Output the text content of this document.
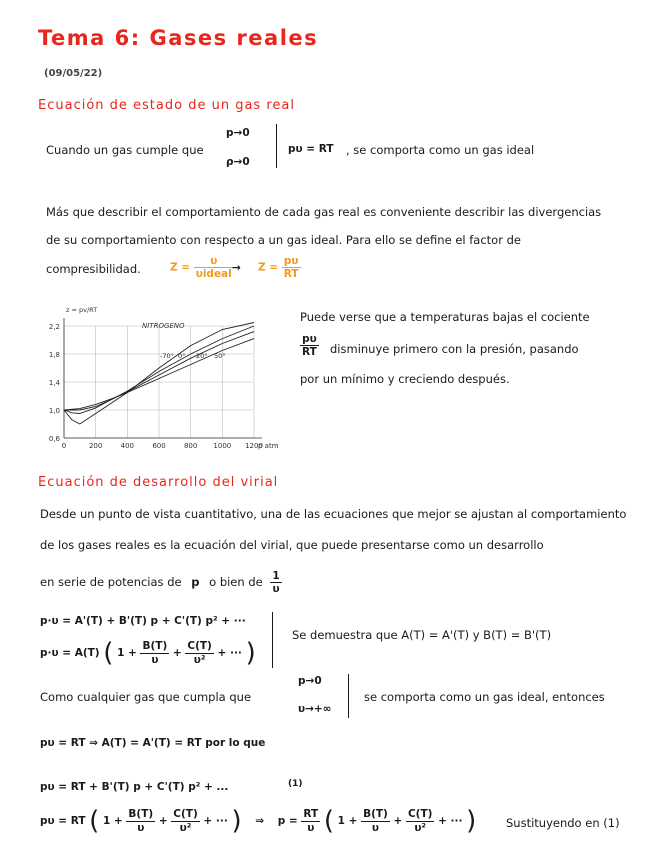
Tema 6: Gases reales
(09/05/22)
Ecuación de estado de un gas real
Cuando un gas cumple que
p→0
ρ→0
pυ = RT , se comporta como un gas ideal
Más que describir el comportamiento de cada gas real es conveniente describir las divergencias
de su comportamiento con respecto a un gas ideal. Para ello se define el factor de
compresibilidad.	$Z = \frac{\upsilon}{\text{υideal}}$
→ $Z = \frac{p\upsilon}{RT}$
0,6
1,0
1,4
1,8
2,2
0	200	400	600	800 1000 1200
z = pv/RT
p atm
NITROGENO
-70° 0° 20° 50°
Puede verse que a temperaturas bajas el cociente
$\frac{p\upsilon}{RT}$ disminuye primero con la presión, pasando
por un mínimo y creciendo después.
Ecuación de desarrollo del virial
Desde un punto de vista cuantitativo, una de las ecuaciones que mejor se ajustan al comportamiento
de los gases reales es la ecuación del virial, que puede presentarse como un desarrollo
en serie de potencias de p o bien de $\frac{1}{\upsilon}$
p·υ = A'(T) + B'(T) p + C'(T) p² + ···
p·υ = A(T) ( $1 + \frac{B(T)}{\upsilon} + \frac{C(T)}{\text{υ²}}$ + ··· )
Se demuestra que A(T) = A'(T) y B(T) = B'(T)
Como cualquier gas que cumpla que
p→0
υ→+∞
se comporta como un gas ideal, entonces
pυ = RT ⇒ A(T) = A'(T) = RT por lo que
pυ = RT + B'(T) p + C'(T) p² + ...	(1)
pυ = RT ( $1 + \frac{B(T)}{\upsilon} + \frac{C(T)}{\text{υ²}}$ + ··· ) ⇒ $p = \frac{RT}{\upsilon}$ ( $1 + \frac{B(T)}{\upsilon} + \frac{C(T)}{\text{υ²}}$ + ··· )	Sustituyendo en (1)
